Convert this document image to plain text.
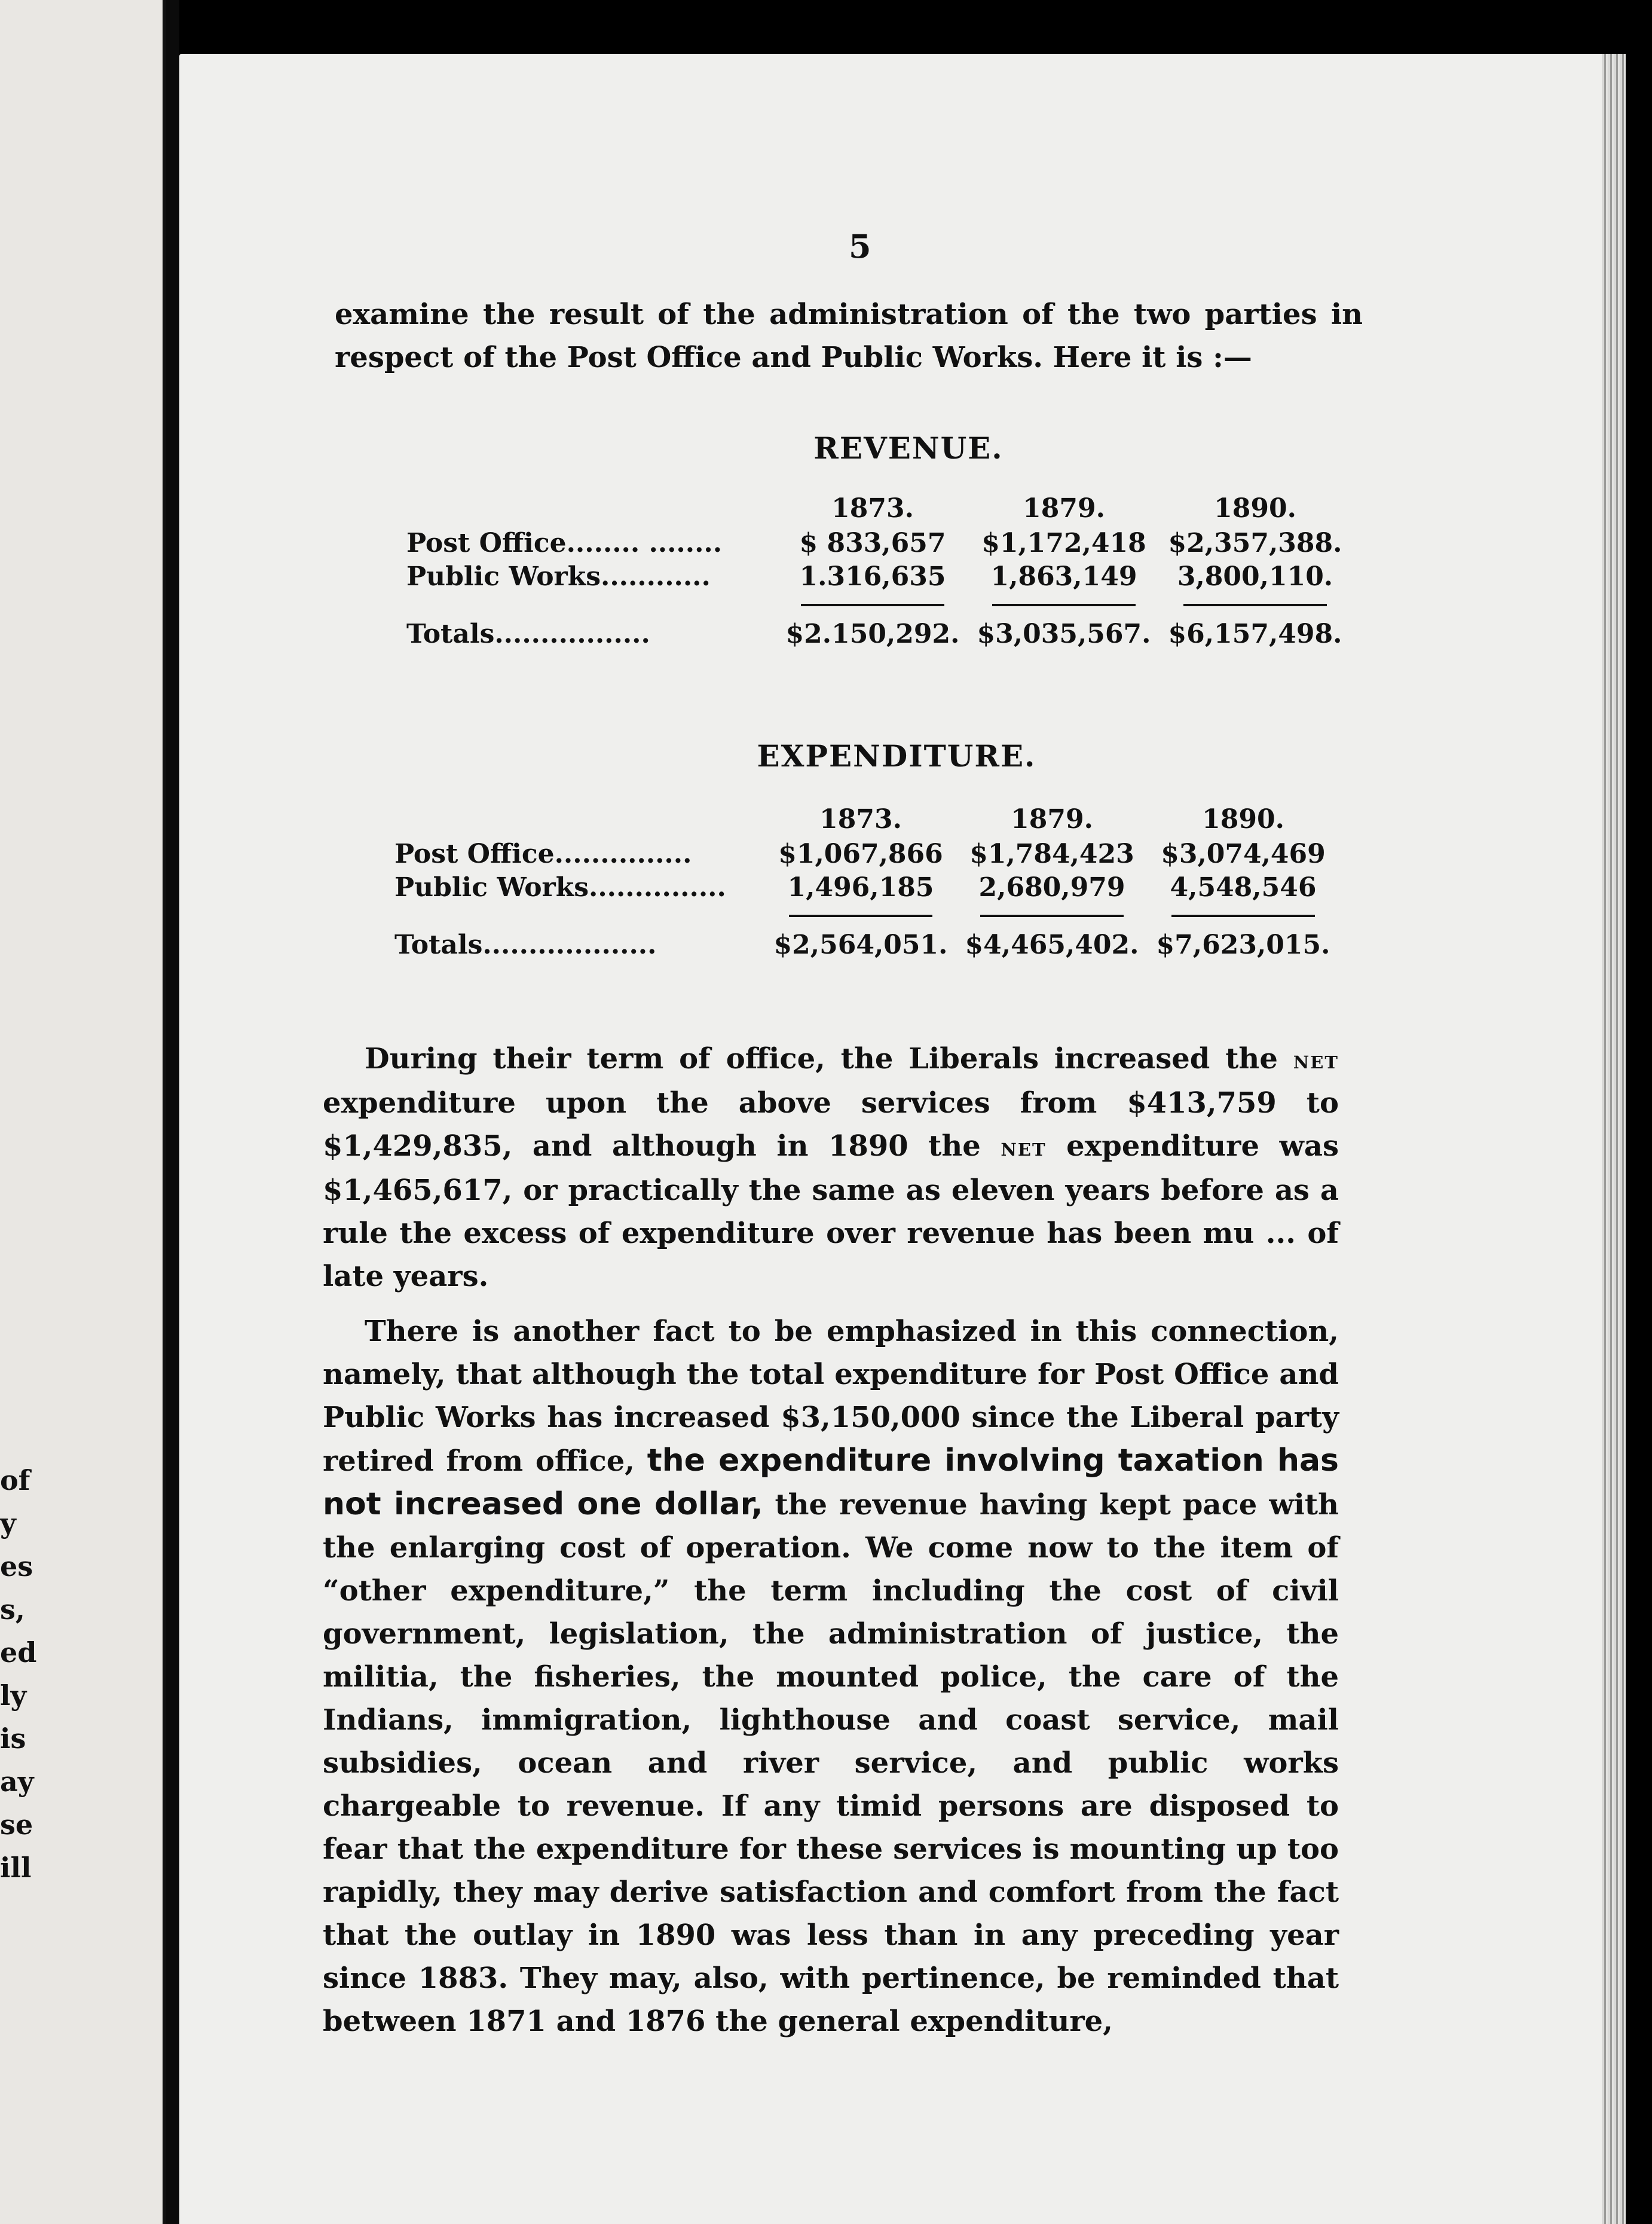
of
y
es
s,
ed
ly
is
ay
se
ill
5
examine the result of the administration of the two parties in respect of the Post Office and Public Works. Here it is :—
REVENUE.
	1873.	1879.	1890.
Post Office........ ........	$ 833,657	$1,172,418	$2,357,388.
Public Works............	1.316,635	1,863,149	3,800,110.

Totals.................	$2.150,292.	$3,035,567.	$6,157,498.
EXPENDITURE.
	1873.	1879.	1890.
Post Office...............	$1,067,866	$1,784,423	$3,074,469
Public Works...............	1,496,185	2,680,979	4,548,546

Totals...................	$2,564,051.	$4,465,402.	$7,623,015.

During their term of office, the Liberals increased the net expenditure upon the above services from $413,759 to $1,429,835, and although in 1890 the net expenditure was $1,465,617, or practically the same as eleven years before as a rule the excess of expenditure over revenue has been mu ... of late years.

There is another fact to be emphasized in this connection, namely, that although the total expenditure for Post Office and Public Works has increased $3,150,000 since the Liberal party retired from office, the expenditure involving taxation has not increased one dollar, the revenue having kept pace with the enlarging cost of operation. We come now to the item of “other expenditure,” the term including the cost of civil government, legislation, the administration of justice, the militia, the fisheries, the mounted police, the care of the Indians, immigration, lighthouse and coast service, mail subsidies, ocean and river service, and public works chargeable to revenue. If any timid persons are disposed to fear that the expenditure for these services is mounting up too rapidly, they may derive satisfaction and comfort from the fact that the outlay in 1890 was less than in any preceding year since 1883. They may, also, with pertinence, be reminded that between 1871 and 1876 the general expenditure,
